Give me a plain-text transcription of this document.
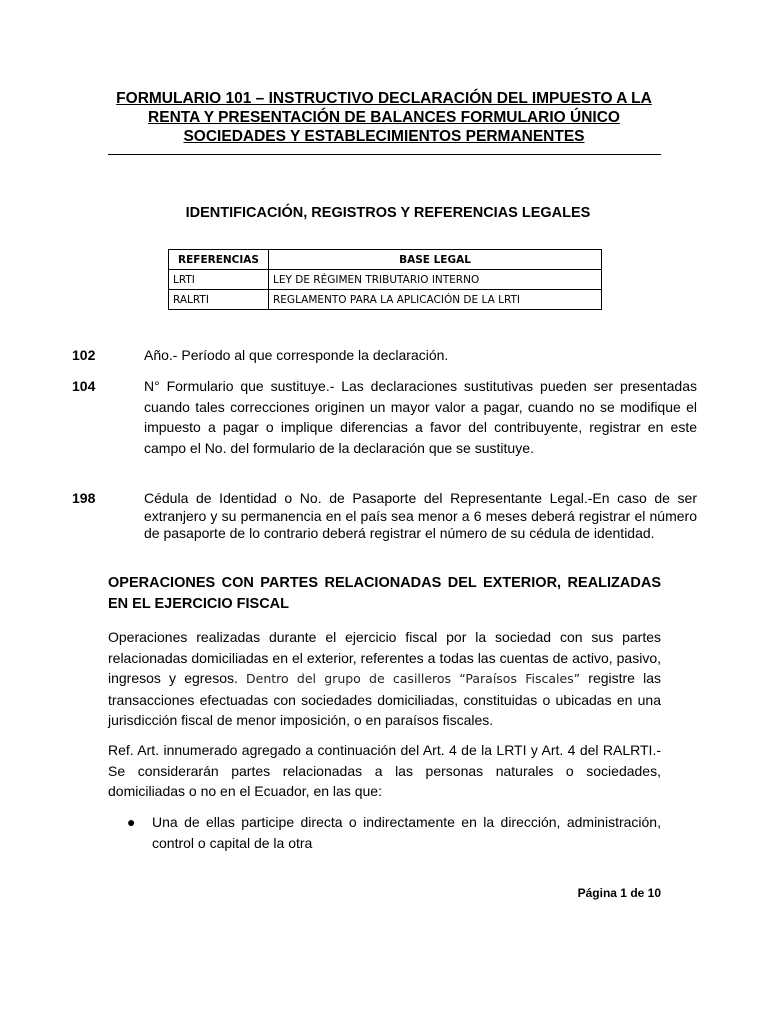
FORMULARIO 101 – INSTRUCTIVO DECLARACIÓN DEL IMPUESTO A LA
RENTA Y PRESENTACIÓN DE BALANCES FORMULARIO ÚNICO
SOCIEDADES Y ESTABLECIMIENTOS PERMANENTES
IDENTIFICACIÓN, REGISTROS Y REFERENCIAS LEGALES
REFERENCIAS	BASE LEGAL
LRTI	LEY DE RÉGIMEN TRIBUTARIO INTERNO
RALRTI	REGLAMENTO PARA LA APLICACIÓN DE LA LRTI
102	Año.- Período al que corresponde la declaración.
104	N° Formulario que sustituye.- Las declaraciones sustitutivas pueden ser presentadas cuando tales correcciones originen un mayor valor a pagar, cuando no se modifique el impuesto a pagar o implique diferencias a favor del contribuyente, registrar en este campo el No. del formulario de la declaración que se sustituye.
198	Cédula de Identidad o No. de Pasaporte del Representante Legal.-En caso de ser extranjero y su permanencia en el país sea menor a 6 meses deberá registrar el número de pasaporte de lo contrario deberá registrar el número de su cédula de identidad.
OPERACIONES CON PARTES RELACIONADAS DEL EXTERIOR, REALIZADAS EN EL EJERCICIO FISCAL
Operaciones realizadas durante el ejercicio fiscal por la sociedad con sus partes relacionadas domiciliadas en el exterior, referentes a todas las cuentas de activo, pasivo, ingresos y egresos. Dentro del grupo de casilleros “Paraísos Fiscales” registre las transacciones efectuadas con sociedades domiciliadas, constituidas o ubicadas en una jurisdicción fiscal de menor imposición, o en paraísos fiscales.
Ref. Art. innumerado agregado a continuación del Art. 4 de la LRTI y Art. 4 del RALRTI.- Se considerarán partes relacionadas a las personas naturales o sociedades, domiciliadas o no en el Ecuador, en las que:
● Una de ellas participe directa o indirectamente en la dirección, administración, control o capital de la otra
Página 1 de 10
